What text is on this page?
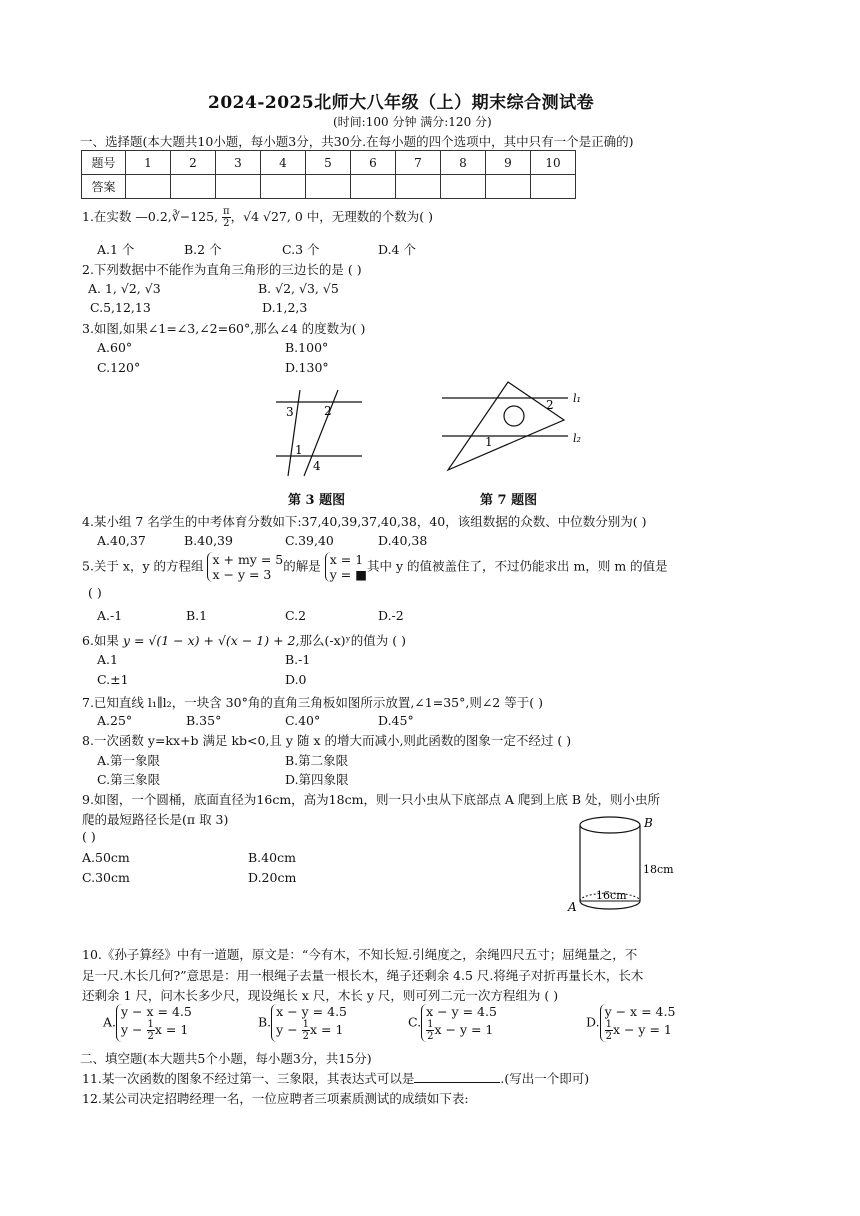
2024-2025北师大八年级（上）期末综合测试卷
(时间:100 分钟 满分:120 分)
一、选择题(本大题共10小题，每小题3分，共30分.在每小题的四个选项中，其中只有一个是正确的)
题号	1	2	3	4	5	6	7	8	9	10
答案										
1.在实数 —0.2,∛−125, $\frac{\pi}{2}$ ，√4 √27, 0 中，无理数的个数为( )
A.1 个	B.2 个	C.3 个	D.4 个
2.下列数据中不能作为直角三角形的三边长的是 ( )
A. 1, √2, √3	B. √2, √3, √5
C.5,12,13	D.1,2,3
3.如图,如果∠1=∠3,∠2=60°,那么∠4 的度数为( )
A.60°	B.100°
C.120°	D.130°
3	2
1
4
2
1
l₁
l₂
第 3 题图	第 7 题图
4.某小组 7 名学生的中考体育分数如下:37,40,39,37,40,38，40，该组数据的众数、中位数分别为( )
A.40,37	B.40,39	C.39,40	D.40,38
5.关于 x，y 的方程组 x + my = 5
x − y = 3
的解是 x = 1
y = ■
其中 y 的值被盖住了，不过仍能求出 m，则 m 的值是
( )
A.-1	B.1	C.2	D.-2
6.如果 y = √(1 − x) + √(x − 1) + 2,那么(-x)ʸ的值为 ( )
A.1	B.-1
C.±1	D.0
7.已知直线 l₁∥l₂，一块含 30°角的直角三角板如图所示放置,∠1=35°,则∠2 等于( )
A.25°	B.35°	C.40°	D.45°
8.一次函数 y=kx+b 满足 kb<0,且 y 随 x 的增大而减小,则此函数的图象一定不经过 ( )
A.第一象限	B.第二象限
C.第三象限	D.第四象限
9.如图，一个圆桶，底面直径为16cm，高为18cm，则一只小虫从下底部点 A 爬到上底 B 处，则小虫所
爬的最短路径长是(π 取 3)
( )
A.50cm	B.40cm
C.30cm	D.20cm
B
18cm
A
16cm
10.《孙子算经》中有一道题，原文是：“今有木，不知长短.引绳度之，余绳四尺五寸；屈绳量之，不
足一尺.木长几何?”意思是：用一根绳子去量一根长木，绳子还剩余 4.5 尺.将绳子对折再量长木，长木
还剩余 1 尺，问木长多少尺，现设绳长 x 尺，木长 y 尺，则可列二元一次方程组为 ( )
A.
y − x = 4.5
$y - \frac{1}{2}$ x = 1	B.
x − y = 4.5
$y - \frac{1}{2}$ x = 1	C.
x − y = 4.5
$\frac{1}{2}$ x − y = 1	D.
y − x = 4.5
$\frac{1}{2}$ x − y = 1
二、填空题(本大题共5个小题，每小题3分，共15分)
11.某一次函数的图象不经过第一、三象限，其表达式可以是	.(写出一个即可)
12.某公司决定招聘经理一名，一位应聘者三项素质测试的成绩如下表:
